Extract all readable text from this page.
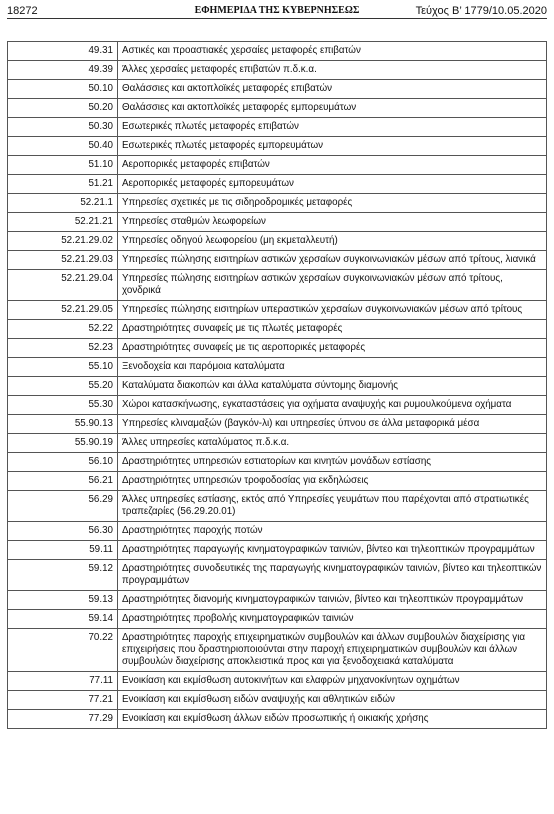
18272	ΕΦΗΜΕΡΙΔΑ ΤΗΣ ΚΥΒΕΡΝΗΣΕΩΣ	Τεύχος B’ 1779/10.05.2020
49.31	Αστικές και προαστιακές χερσαίες μεταφορές επιβατών
49.39	Άλλες χερσαίες μεταφορές επιβατών π.δ.κ.α.
50.10	Θαλάσσιες και ακτοπλοϊκές μεταφορές επιβατών
50.20	Θαλάσσιες και ακτοπλοϊκές μεταφορές εμπορευμάτων
50.30	Εσωτερικές πλωτές μεταφορές επιβατών
50.40	Εσωτερικές πλωτές μεταφορές εμπορευμάτων
51.10	Αεροπορικές μεταφορές επιβατών
51.21	Αεροπορικές μεταφορές εμπορευμάτων
52.21.1	Υπηρεσίες σχετικές με τις σιδηροδρομικές μεταφορές
52.21.21	Υπηρεσίες σταθμών λεωφορείων
52.21.29.02	Υπηρεσίες οδηγού λεωφορείου (μη εκμεταλλευτή)
52.21.29.03	Υπηρεσίες πώλησης εισιτηρίων αστικών χερσαίων συγκοινωνιακών μέσων από τρίτους, λιανικά
52.21.29.04	Υπηρεσίες πώλησης εισιτηρίων αστικών χερσαίων συγκοινωνιακών μέσων από τρίτους, χονδρικά
52.21.29.05	Υπηρεσίες πώλησης εισιτηρίων υπεραστικών χερσαίων συγκοινωνιακών μέσων από τρίτους
52.22	Δραστηριότητες συναφείς με τις πλωτές μεταφορές
52.23	Δραστηριότητες συναφείς με τις αεροπορικές μεταφορές
55.10	Ξενοδοχεία και παρόμοια καταλύματα
55.20	Καταλύματα διακοπών και άλλα καταλύματα σύντομης διαμονής
55.30	Χώροι κατασκήνωσης, εγκαταστάσεις για οχήματα αναψυχής και ρυμουλκούμενα οχήματα
55.90.13	Υπηρεσίες κλιναμαξών (βαγκόν-λι) και υπηρεσίες ύπνου σε άλλα μεταφορικά μέσα
55.90.19	Άλλες υπηρεσίες καταλύματος π.δ.κ.α.
56.10	Δραστηριότητες υπηρεσιών εστιατορίων και κινητών μονάδων εστίασης
56.21	Δραστηριότητες υπηρεσιών τροφοδοσίας για εκδηλώσεις
56.29	Άλλες υπηρεσίες εστίασης, εκτός από Υπηρεσίες γευμάτων που παρέχονται από στρατιωτικές τραπεζαρίες (56.29.20.01)
56.30	Δραστηριότητες παροχής ποτών
59.11	Δραστηριότητες παραγωγής κινηματογραφικών ταινιών, βίντεο και τηλεοπτικών προγραμμάτων
59.12	Δραστηριότητες συνοδευτικές της παραγωγής κινηματογραφικών ταινιών, βίντεο και τηλεοπτικών προγραμμάτων
59.13	Δραστηριότητες διανομής κινηματογραφικών ταινιών, βίντεο και τηλεοπτικών προγραμμάτων
59.14	Δραστηριότητες προβολής κινηματογραφικών ταινιών
70.22	Δραστηριότητες παροχής επιχειρηματικών συμβουλών και άλλων συμβουλών διαχείρισης για επιχειρήσεις που δραστηριοποιούνται στην παροχή επιχειρηματικών συμβουλών και άλλων συμβουλών διαχείρισης αποκλειστικά προς και για ξενοδοχειακά καταλύματα
77.11	Ενοικίαση και εκμίσθωση αυτοκινήτων και ελαφρών μηχανοκίνητων οχημάτων
77.21	Ενοικίαση και εκμίσθωση ειδών αναψυχής και αθλητικών ειδών
77.29	Ενοικίαση και εκμίσθωση άλλων ειδών προσωπικής ή οικιακής χρήσης
